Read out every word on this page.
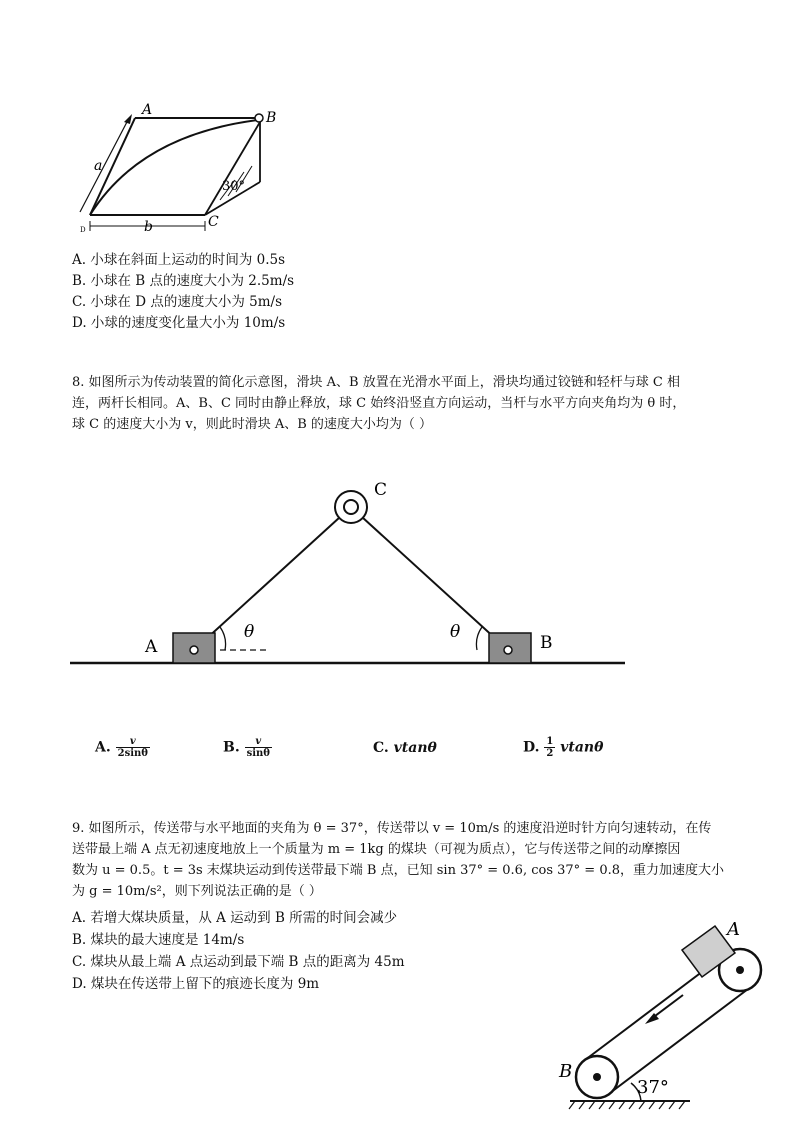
A	B
C
D
a
b
30°
A. 小球在斜面上运动的时间为 0.5s
B. 小球在 B 点的速度大小为 2.5m/s
C. 小球在 D 点的速度大小为 5m/s
D. 小球的速度变化量大小为 10m/s
8. 如图所示为传动装置的简化示意图，滑块 A、B 放置在光滑水平面上，滑块均通过铰链和轻杆与球 C 相
连，两杆长相同。A、B、C 同时由静止释放，球 C 始终沿竖直方向运动，当杆与水平方向夹角均为 θ 时，
球 C 的速度大小为 v，则此时滑块 A、B 的速度大小均为（ ）
C
A	B
θ	θ
A. $\frac{v}{2\sin\theta}$	B. $\frac{v}{\sin\theta}$	C. vtanθ	D. $\frac{1}{2}$ vtanθ
9. 如图所示，传送带与水平地面的夹角为 θ = 37°，传送带以 v = 10m/s 的速度沿逆时针方向匀速转动，在传
送带最上端 A 点无初速度地放上一个质量为 m = 1kg 的煤块（可视为质点），它与传送带之间的动摩擦因
数为 u = 0.5。t = 3s 末煤块运动到传送带最下端 B 点，已知 sin 37° = 0.6, cos 37° = 0.8，重力加速度大小
为 g = 10m/s²，则下列说法正确的是（ ）
A. 若增大煤块质量，从 A 运动到 B 所需的时间会减少
B. 煤块的最大速度是 14m/s
C. 煤块从最上端 A 点运动到最下端 B 点的距离为 45m
D. 煤块在传送带上留下的痕迹长度为 9m
A
B
37°
